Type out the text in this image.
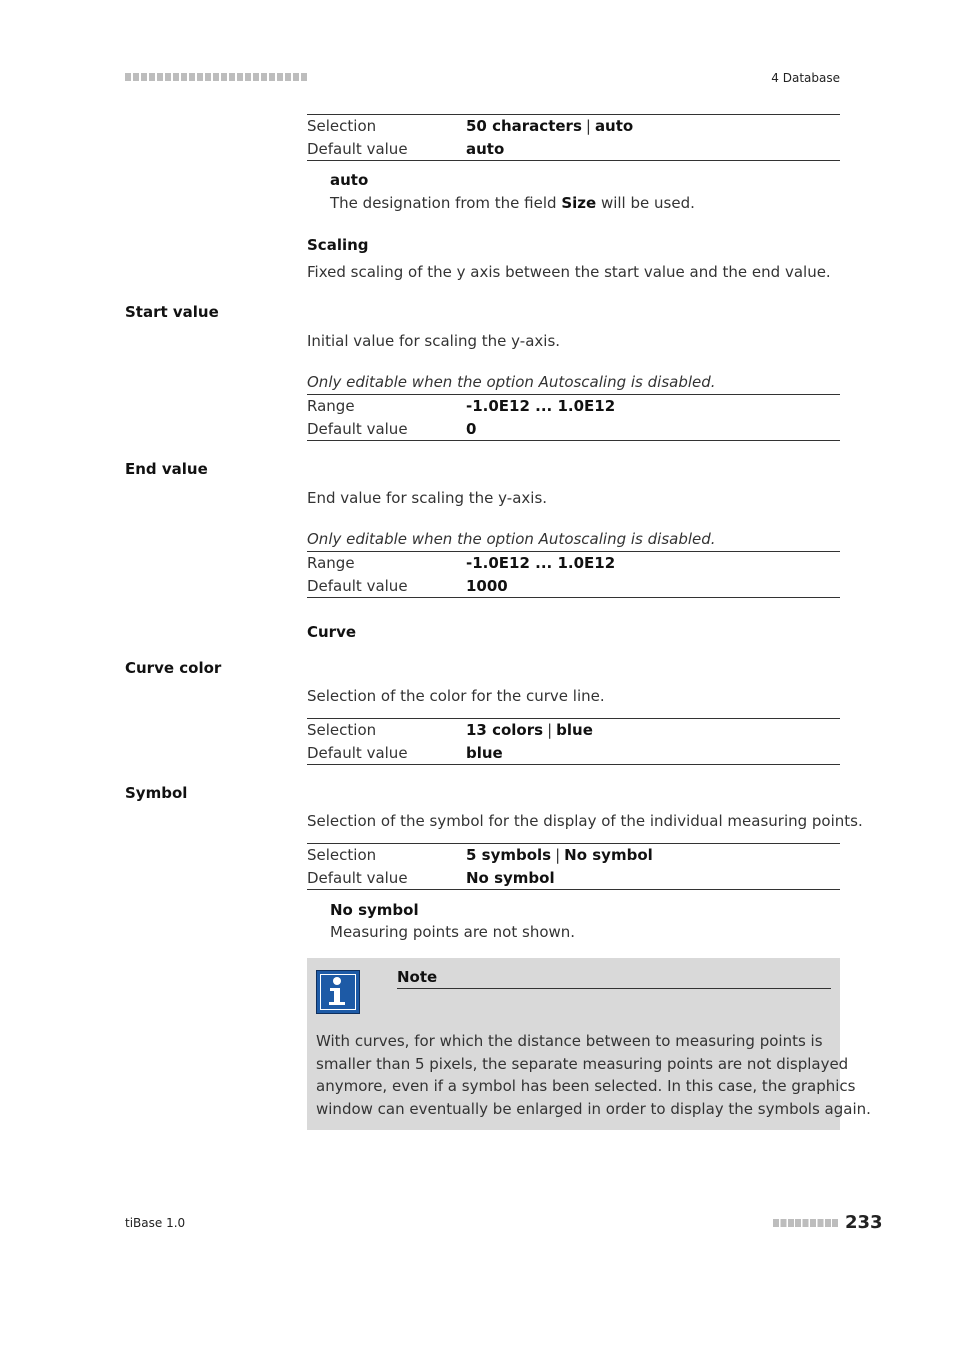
4 Database
Selection	50 characters | auto
Default value	auto
auto
The designation from the field Size will be used.
Scaling
Fixed scaling of the y axis between the start value and the end value.
Start value
Initial value for scaling the y-axis.
Only editable when the option Autoscaling is disabled.
Range	-1.0E12 ... 1.0E12
Default value	0
End value
End value for scaling the y-axis.
Only editable when the option Autoscaling is disabled.
Range	-1.0E12 ... 1.0E12
Default value	1000
Curve
Curve color
Selection of the color for the curve line.
Selection	13 colors | blue
Default value	blue
Symbol
Selection of the symbol for the display of the individual measuring points.
Selection	5 symbols | No symbol
Default value	No symbol
No symbol
Measuring points are not shown.
Note
With curves, for which the distance between to measuring points is
smaller than 5 pixels, the separate measuring points are not displayed
anymore, even if a symbol has been selected. In this case, the graphics
window can eventually be enlarged in order to display the symbols again.
tiBase 1.0	233
